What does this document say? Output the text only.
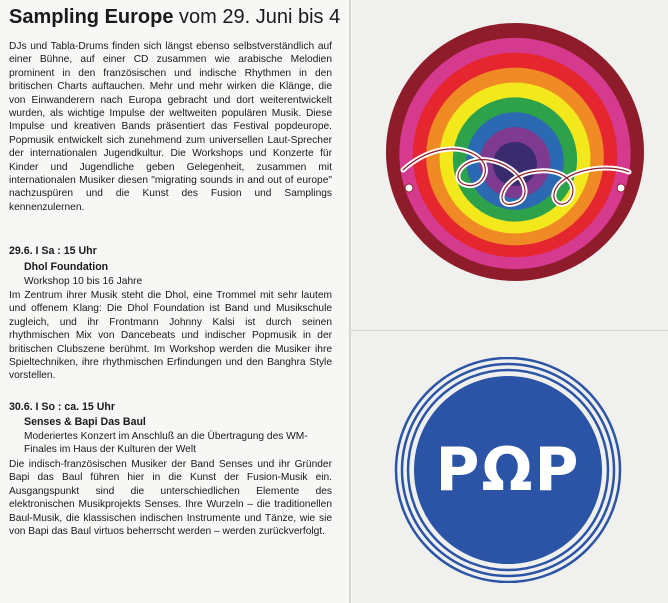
Sampling Europe vom 29. Juni bis 4

DJs und Tabla-Drums finden sich längst ebenso selbstverständlich auf einer Bühne, auf einer CD zusammen wie arabische Melodien prominent in den französischen und indische Rhythmen in den britischen Charts auftauchen. Mehr und mehr wirken die Klänge, die von Einwanderern nach Europa gebracht und dort weiterentwickelt wurden, als wichtige Impulse der weltweiten populären Musik. Diese Impulse und kreativen Bands präsentiert das Festival popdeurope. Popmusik entwickelt sich zunehmend zum universellen Laut-Sprecher der internationalen Jugendkultur. Die Workshops und Konzerte für Kinder und Jugendliche geben Gelegenheit, zusammen mit internationalen Musiker diesen "migrating sounds in and out of europe" nachzuspüren und die Kunst des Fusion und Samplings kennenzulernen.

29.6. I Sa : 15 Uhr
Dhol Foundation
Workshop 10 bis 16 Jahre

Im Zentrum ihrer Musik steht die Dhol, eine Trommel mit sehr lautem und offenem Klang: Die Dhol Foundation ist Band und Musikschule zugleich, und ihr Frontmann Johnny Kalsi ist durch seinen rhythmischen Mix von Dancebeats und indischer Popmusik in der britischen Clubszene berühmt. Im Workshop werden die Musiker ihre Spieltechniken, ihre rhythmischen Erfindungen und den Banghra Style vorstellen.

30.6. I So : ca. 15 Uhr
Senses & Bapi Das Baul
Moderiertes Konzert im Anschluß an die Übertragung des WM-Finales im Haus der Kulturen der Welt

Die indisch-französischen Musiker der Band Senses und ihr Gründer Bapi das Baul führen hier in die Kunst der Fusion-Musik ein. Ausgangspunkt sind die unterschiedlichen Elemente des elektronischen Musikprojekts Senses. Ihre Wurzeln – die traditionellen Baul-Musik, die klassischen indischen Instrumente und Tänze, wie sie von Bapi das Baul virtuos beherrscht werden – werden zurückverfolgt.

PΩP
